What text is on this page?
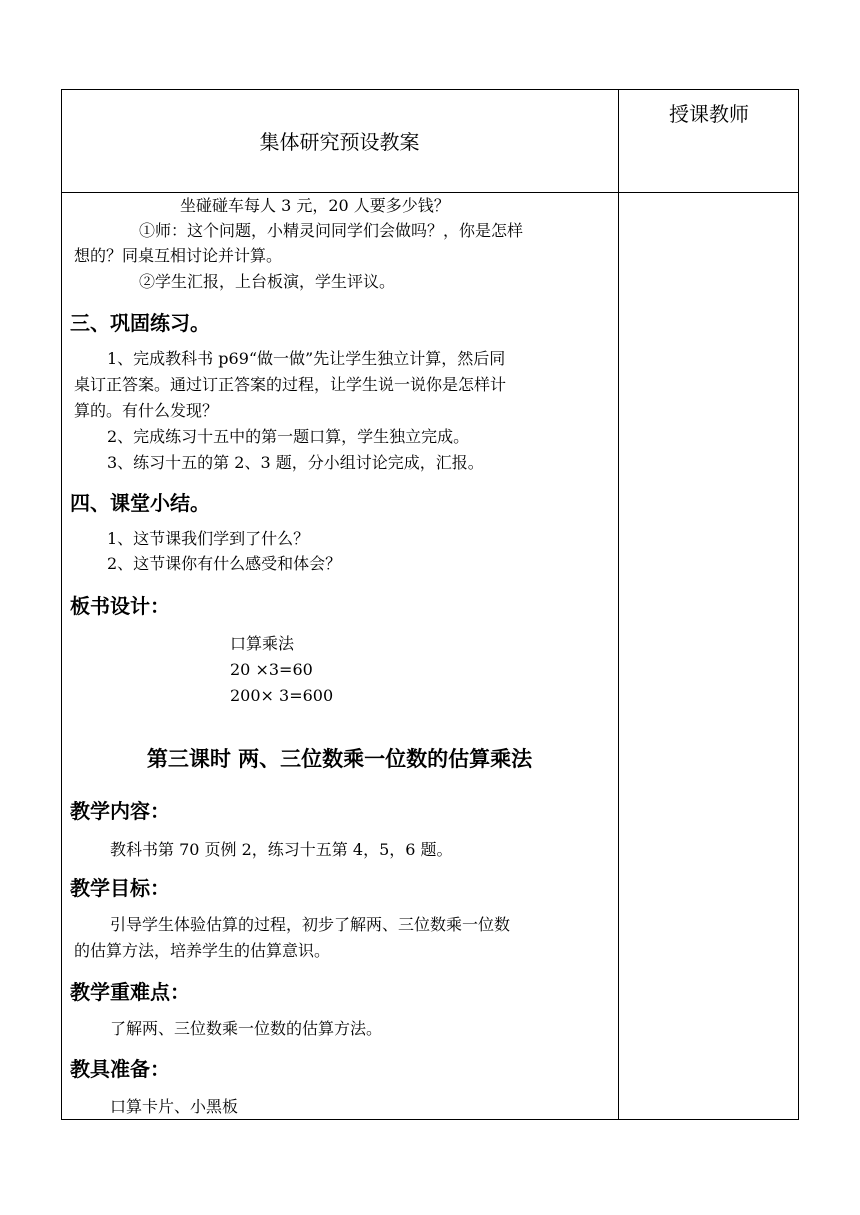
集体研究预设教案
授课教师

坐碰碰车每人 3 元，20 人要多少钱？

①师：这个问题，小精灵问同学们会做吗？，你是怎样

想的？同桌互相讨论并计算。

②学生汇报，上台板演，学生评议。

三、巩固练习。

1、完成教科书 p69“做一做”先让学生独立计算，然后同

桌订正答案。通过订正答案的过程，让学生说一说你是怎样计

算的。有什么发现？

2、完成练习十五中的第一题口算，学生独立完成。

3、练习十五的第 2、3 题，分小组讨论完成，汇报。

四、课堂小结。

1、这节课我们学到了什么？

2、这节课你有什么感受和体会？

板书设计：

口算乘法

20 ×3=60

200× 3=600

第三课时 两、三位数乘一位数的估算乘法
教学内容：

教科书第 70 页例 2，练习十五第 4，5，6 题。

教学目标：

引导学生体验估算的过程，初步了解两、三位数乘一位数

的估算方法，培养学生的估算意识。

教学重难点：

了解两、三位数乘一位数的估算方法。

教具准备：

口算卡片、小黑板
